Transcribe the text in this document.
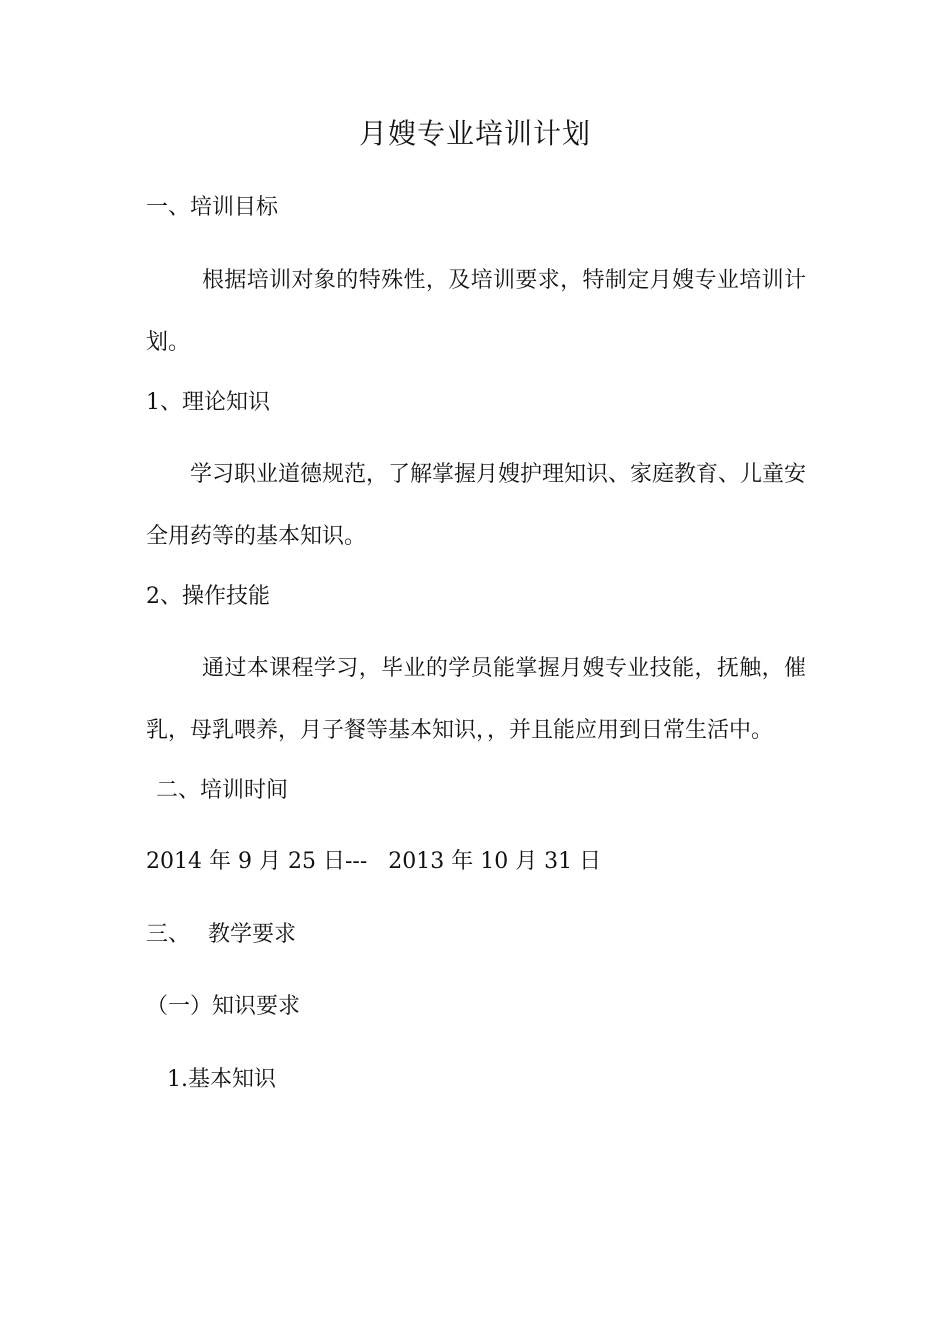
月嫂专业培训计划
一、培训目标
根据培训对象的特殊性，及培训要求，特制定月嫂专业培训计划。
1、理论知识
学习职业道德规范，了解掌握月嫂护理知识、家庭教育、儿童安全用药等的基本知识。
2、操作技能
通过本课程学习，毕业的学员能掌握月嫂专业技能，抚触，催乳，母乳喂养，月子餐等基本知识，，并且能应用到日常生活中。
二、培训时间
2014 年 9 月 25 日---   2013 年 10 月 31 日
三、　 教学要求
（一）知识要求
1.基本知识
